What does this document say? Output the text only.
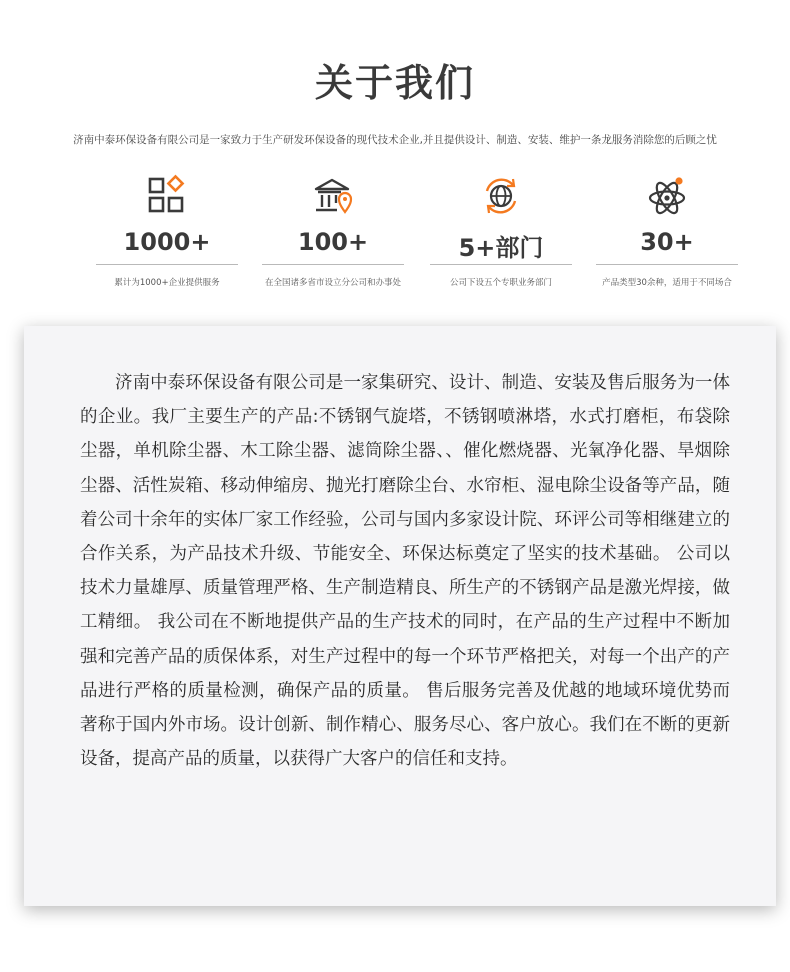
关于我们
济南中泰环保设备有限公司是一家致力于生产研发环保设备的现代技术企业,并且提供设计、制造、安装、维护一条龙服务消除您的后顾之忧
1000+
累计为1000+企业提供服务
100+
在全国诸多省市设立分公司和办事处
5+部门
公司下设五个专职业务部门
30+
产品类型30余种，适用于不同场合
济南中泰环保设备有限公司是一家集研究、设计、制造、安装及售后服务为一体的企业。我厂主要生产的产品:不锈钢气旋塔，不锈钢喷淋塔，水式打磨柜，布袋除尘器，单机除尘器、木工除尘器、滤筒除尘器、、催化燃烧器、光氧净化器、旱烟除尘器、活性炭箱、移动伸缩房、抛光打磨除尘台、水帘柜、湿电除尘设备等产品，随着公司十余年的实体厂家工作经验，公司与国内多家设计院、环评公司等相继建立的合作关系，为产品技术升级、节能安全、环保达标奠定了坚实的技术基础。 公司以技术力量雄厚、质量管理严格、生产制造精良、所生产的不锈钢产品是激光焊接，做工精细。 我公司在不断地提供产品的生产技术的同时，在产品的生产过程中不断加强和完善产品的质保体系，对生产过程中的每一个环节严格把关，对每一个出产的产品进行严格的质量检测，确保产品的质量。 售后服务完善及优越的地域环境优势而著称于国内外市场。设计创新、制作精心、服务尽心、客户放心。我们在不断的更新设备，提高产品的质量，以获得广大客户的信任和支持。
